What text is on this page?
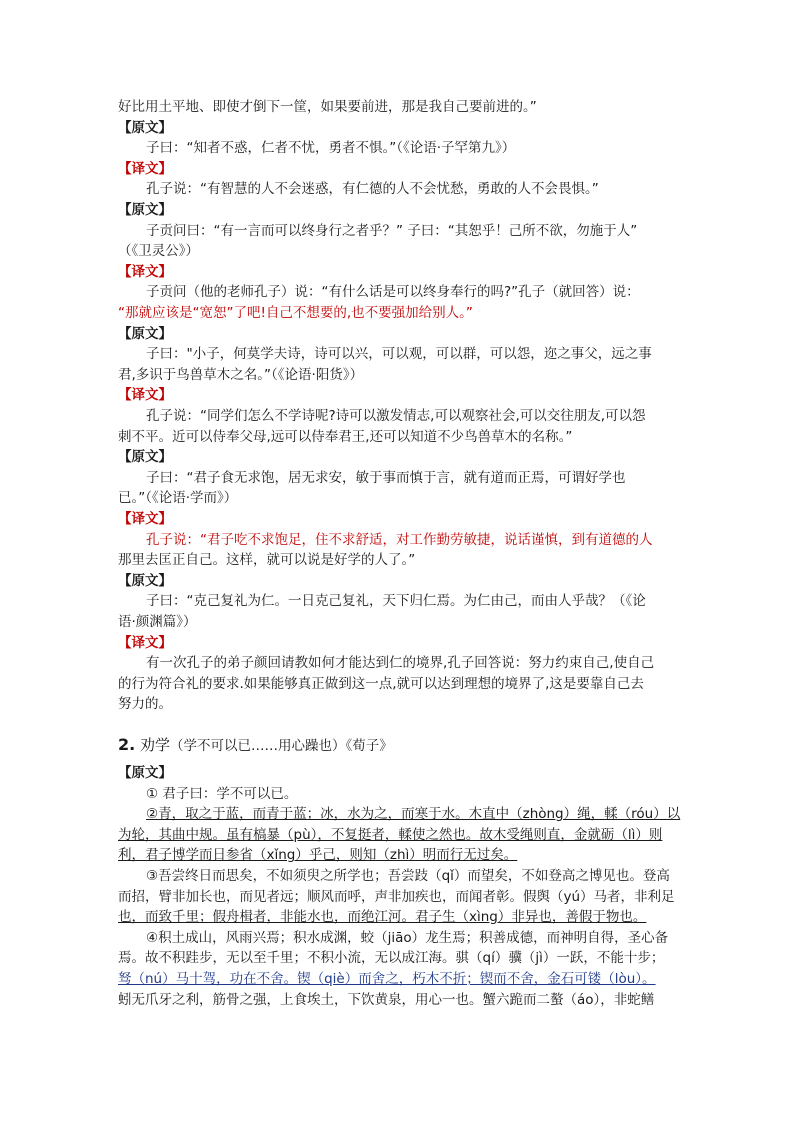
好比用土平地、即使才倒下一筐，如果要前进，那是我自己要前进的。”
【原文】
子曰：“知者不惑，仁者不忧，勇者不惧。”（《论语·子罕第九》）
【译文】
孔子说：“有智慧的人不会迷惑，有仁德的人不会忧愁，勇敢的人不会畏惧。”
【原文】
子贡问曰：“有一言而可以终身行之者乎？” 子曰：“其恕乎！己所不欲，勿施于人”
（《卫灵公》）
【译文】
子贡问（他的老师孔子）说：“有什么话是可以终身奉行的吗?”孔子（就回答）说：
“那就应该是“宽恕”了吧!自己不想要的,也不要强加给别人。”
【原文】
子曰："小子，何莫学夫诗，诗可以兴，可以观，可以群，可以怨，迩之事父，远之事
君,多识于鸟兽草木之名。”（《论语·阳货》）
【译文】
孔子说：“同学们怎么不学诗呢?诗可以激发情志,可以观察社会,可以交往朋友,可以怨
刺不平。近可以侍奉父母,远可以侍奉君王,还可以知道不少鸟兽草木的名称。”
【原文】
子曰：“君子食无求饱，居无求安，敏于事而慎于言，就有道而正焉，可谓好学也
已。”（《论语·学而》）
【译文】
孔子说：“君子吃不求饱足，住不求舒适，对工作勤劳敏捷，说话谨慎，到有道德的人
那里去匡正自己。这样，就可以说是好学的人了。”
【原文】
子曰：“克己复礼为仁。一日克己复礼，天下归仁焉。为仁由己，而由人乎哉？（《论
语·颜渊篇》）
【译文】
有一次孔子的弟子颜回请教如何才能达到仁的境界,孔子回答说：努力约束自己,使自己
的行为符合礼的要求.如果能够真正做到这一点,就可以达到理想的境界了,这是要靠自己去
努力的。
2. 劝学（学不可以已……用心躁也）《荀子》
【原文】
① 君子曰：学不可以已。
②青，取之于蓝，而青于蓝；冰，水为之，而寒于水。木直中（zhòng）绳，輮（róu）以
为轮，其曲中规。虽有槁暴（pù），不复挺者，輮使之然也。故木受绳则直，金就砺（lì）则
利，君子博学而日参省（xǐng）乎己，则知（zhì）明而行无过矣。
③吾尝终日而思矣，不如须臾之所学也；吾尝跂（qǐ）而望矣，不如登高之博见也。登高
而招，臂非加长也，而见者远；顺风而呼，声非加疾也，而闻者彰。假舆（yú）马者，非利足
也，而致千里；假舟楫者，非能水也，而绝江河。君子生（xìng）非异也，善假于物也。
④积土成山，风雨兴焉；积水成渊，蛟（jiāo）龙生焉；积善成德，而神明自得，圣心备
焉。故不积跬步，无以至千里；不积小流，无以成江海。骐（qí）骥（jì）一跃，不能十步；
驽（nú）马十驾，功在不舍。锲（qiè）而舍之，朽木不折；锲而不舍，金石可镂（lòu）。
蚓无爪牙之利，筋骨之强，上食埃土，下饮黄泉，用心一也。蟹六跪而二螯（áo），非蛇鳝
